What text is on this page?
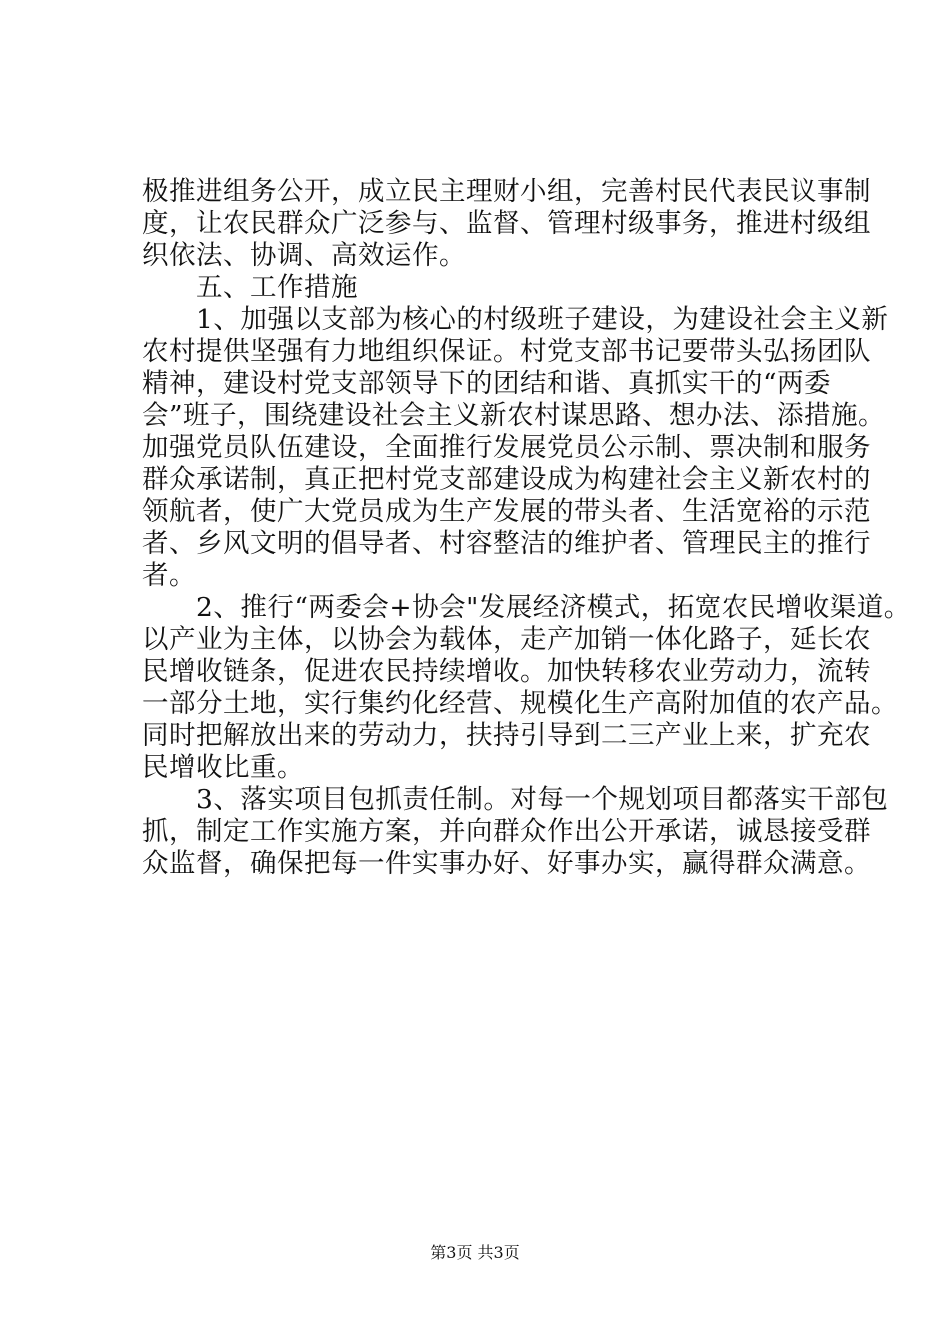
极推进组务公开，成立民主理财小组，完善村民代表民议事制
度，让农民群众广泛参与、监督、管理村级事务，推进村级组
织依法、协调、高效运作。
　　五、工作措施
　　1、加强以支部为核心的村级班子建设，为建设社会主义新
农村提供坚强有力地组织保证。村党支部书记要带头弘扬团队
精神，建设村党支部领导下的团结和谐、真抓实干的“两委
会”班子，围绕建设社会主义新农村谋思路、想办法、添措施。
加强党员队伍建设，全面推行发展党员公示制、票决制和服务
群众承诺制，真正把村党支部建设成为构建社会主义新农村的
领航者，使广大党员成为生产发展的带头者、生活宽裕的示范
者、乡风文明的倡导者、村容整洁的维护者、管理民主的推行
者。
　　2、推行“两委会+协会"发展经济模式，拓宽农民增收渠道。
以产业为主体，以协会为载体，走产加销一体化路子，延长农
民增收链条，促进农民持续增收。加快转移农业劳动力，流转
一部分土地，实行集约化经营、规模化生产高附加值的农产品。
同时把解放出来的劳动力，扶持引导到二三产业上来，扩充农
民增收比重。
　　3、落实项目包抓责任制。对每一个规划项目都落实干部包
抓，制定工作实施方案，并向群众作出公开承诺，诚恳接受群
众监督，确保把每一件实事办好、好事办实，赢得群众满意。
第3页 共3页
